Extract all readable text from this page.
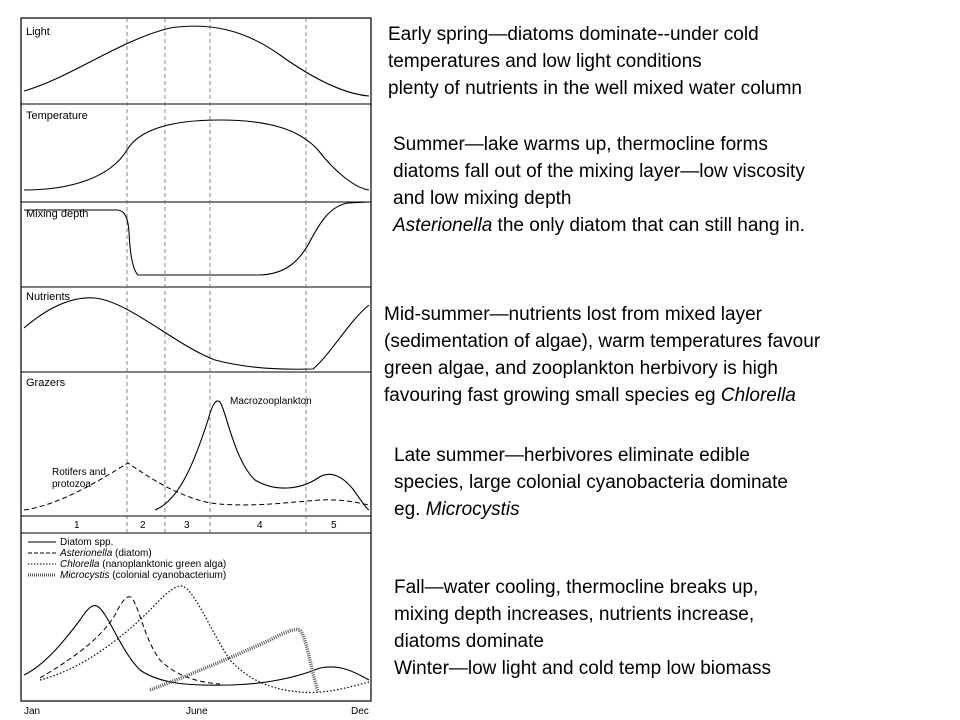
Light
Temperature
Mixing depth
Nutrients
Grazers
Macrozooplankton
Rotifers and
protozoa
1	2	3	4	5
Diatom spp.
Asterionella (diatom)
Chlorella (nanoplanktonic green alga)
Microcystis (colonial cyanobacterium)
Jan	June	Dec
Early spring—diatoms dominate--under cold
temperatures and low light conditions
plenty of nutrients in the well mixed water column
Summer—lake warms up, thermocline forms
diatoms fall out of the mixing layer—low viscosity
and low mixing depth
Asterionella the only diatom that can still hang in.
Mid-summer—nutrients lost from mixed layer
(sedimentation of algae), warm temperatures favour
green algae, and zooplankton herbivory is high
favouring fast growing small species eg Chlorella
Late summer—herbivores eliminate edible
species, large colonial cyanobacteria dominate
eg. Microcystis
Fall—water cooling, thermocline breaks up,
mixing depth increases, nutrients increase,
diatoms dominate
Winter—low light and cold temp low biomass
